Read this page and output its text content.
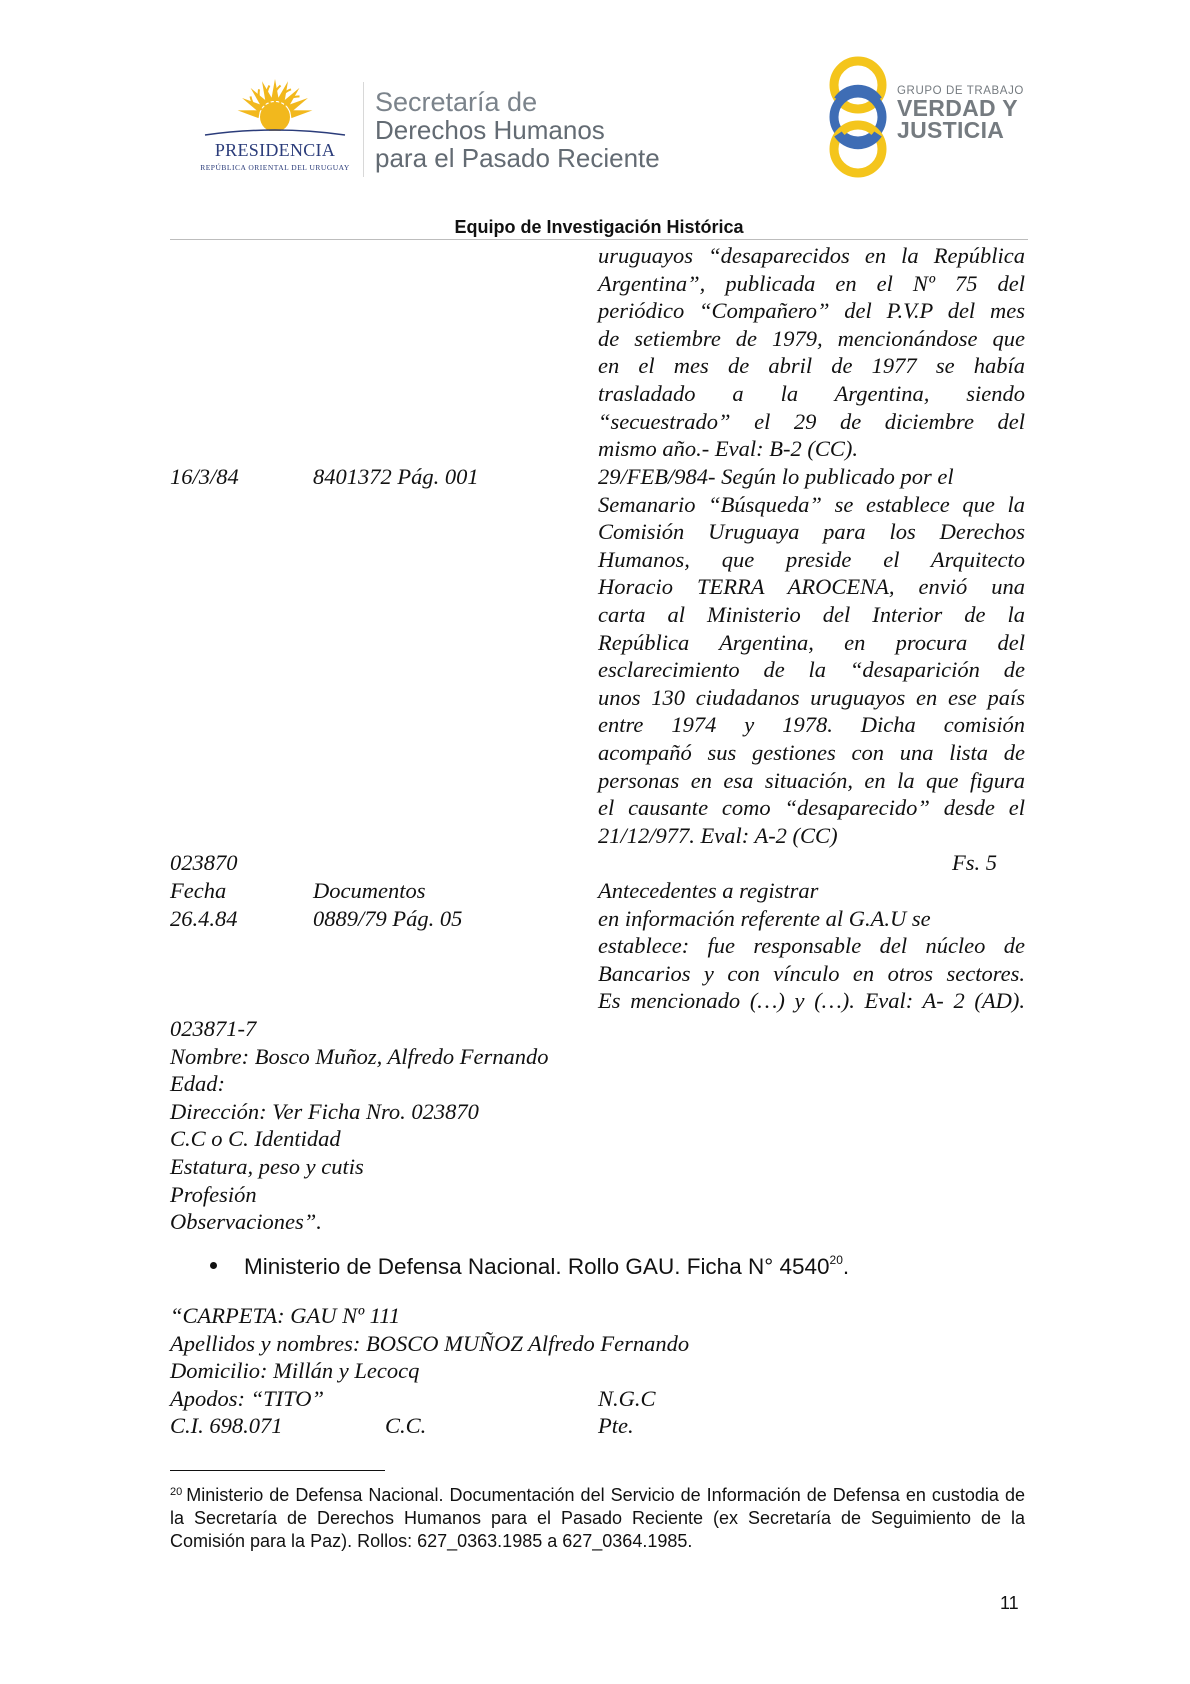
PRESIDENCIA
REPÚBLICA ORIENTAL DEL URUGUAY
Secretaría de
Derechos Humanos
para el Pasado Reciente
GRUPO DE TRABAJO
VERDAD Y
JUSTICIA
Equipo de Investigación Histórica
uruguayos “desaparecidos en la República
Argentina”, publicada en el Nº 75 del
periódico “Compañero” del P.V.P del mes
de setiembre de 1979, mencionándose que
en el mes de abril de 1977 se había
trasladado a la Argentina, siendo
“secuestrado” el 29 de diciembre del
mismo año.- Eval: B-2 (CC).
16/3/84	8401372 Pág. 001	29/FEB/984- Según lo publicado por el
Semanario “Búsqueda” se establece que la
Comisión Uruguaya para los Derechos
Humanos, que preside el Arquitecto
Horacio TERRA AROCENA, envió una
carta al Ministerio del Interior de la
República Argentina, en procura del
esclarecimiento de la “desaparición de
unos 130 ciudadanos uruguayos en ese país
entre 1974 y 1978. Dicha comisión
acompañó sus gestiones con una lista de
personas en esa situación, en la que figura
el causante como “desaparecido” desde el
21/12/977. Eval: A-2 (CC)
023870	Fs. 5
Fecha	Documentos	Antecedentes a registrar
26.4.84	0889/79 Pág. 05	en información referente al G.A.U se
establece: fue responsable del núcleo de
Bancarios y con vínculo en otros sectores.
Es mencionado (…) y (…). Eval: A- 2 (AD).
023871-7
Nombre: Bosco Muñoz, Alfredo Fernando
Edad:
Dirección: Ver Ficha Nro. 023870
C.C o C. Identidad
Estatura, peso y cutis
Profesión
Observaciones”.
Ministerio de Defensa Nacional. Rollo GAU. Ficha N° 4540$^{20}$.
“CARPETA: GAU Nº 111
Apellidos y nombres: BOSCO MUÑOZ Alfredo Fernando
Domicilio: Millán y Lecocq
Apodos: “TITO”	N.G.C
C.I. 698.071	C.C.	Pte.
$^{20}$ Ministerio de Defensa Nacional. Documentación del Servicio de Información de Defensa en custodia de la Secretaría de Derechos Humanos para el Pasado Reciente (ex Secretaría de Seguimiento de la Comisión para la Paz). Rollos: 627_0363.1985 a 627_0364.1985.
11
